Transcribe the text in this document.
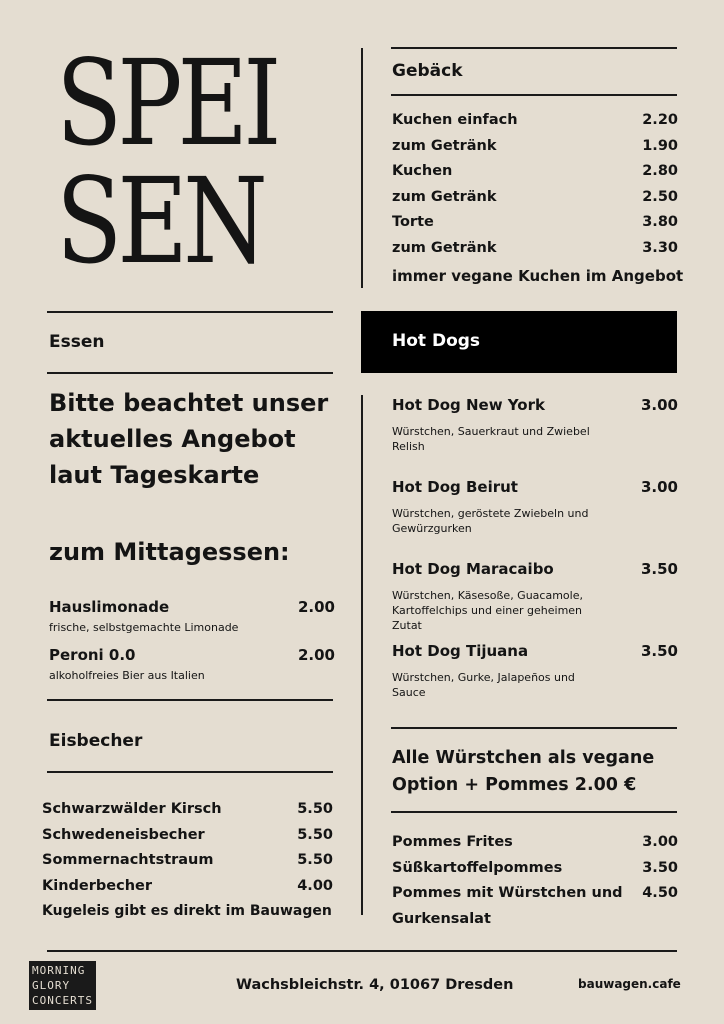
SPEI
SEN
Gebäck
Kuchen einfach	2.20
zum Getränk	1.90
Kuchen	2.80
zum Getränk	2.50
Torte	3.80
zum Getränk	3.30
immer vegane Kuchen im Angebot
Essen
Bitte beachtet unser
aktuelles Angebot
laut Tageskarte
zum Mittagessen:
Hauslimonade	2.00
frische, selbstgemachte Limonade
Peroni 0.0	2.00
alkoholfreies Bier aus Italien
Eisbecher
Schwarzwälder Kirsch	5.50
Schwedeneisbecher	5.50
Sommernachtstraum	5.50
Kinderbecher	4.00
Kugeleis gibt es direkt im Bauwagen
Hot Dogs
Hot Dog New York	3.00
Würstchen, Sauerkraut und Zwiebel
Relish
Hot Dog Beirut	3.00
Würstchen, geröstete Zwiebeln und
Gewürzgurken
Hot Dog Maracaibo	3.50
Würstchen, Käsesoße, Guacamole,
Kartoffelchips und einer geheimen
Zutat
Hot Dog Tijuana	3.50
Würstchen, Gurke, Jalapeños und
Sauce
Alle Würstchen als vegane
Option + Pommes 2.00 €
Pommes Frites	3.00
Süßkartoffelpommes	3.50
Pommes mit Würstchen und 4.50
Gurkensalat
MORNING
GLORY
CONCERTS
Wachsbleichstr. 4, 01067 Dresden	bauwagen.cafe
